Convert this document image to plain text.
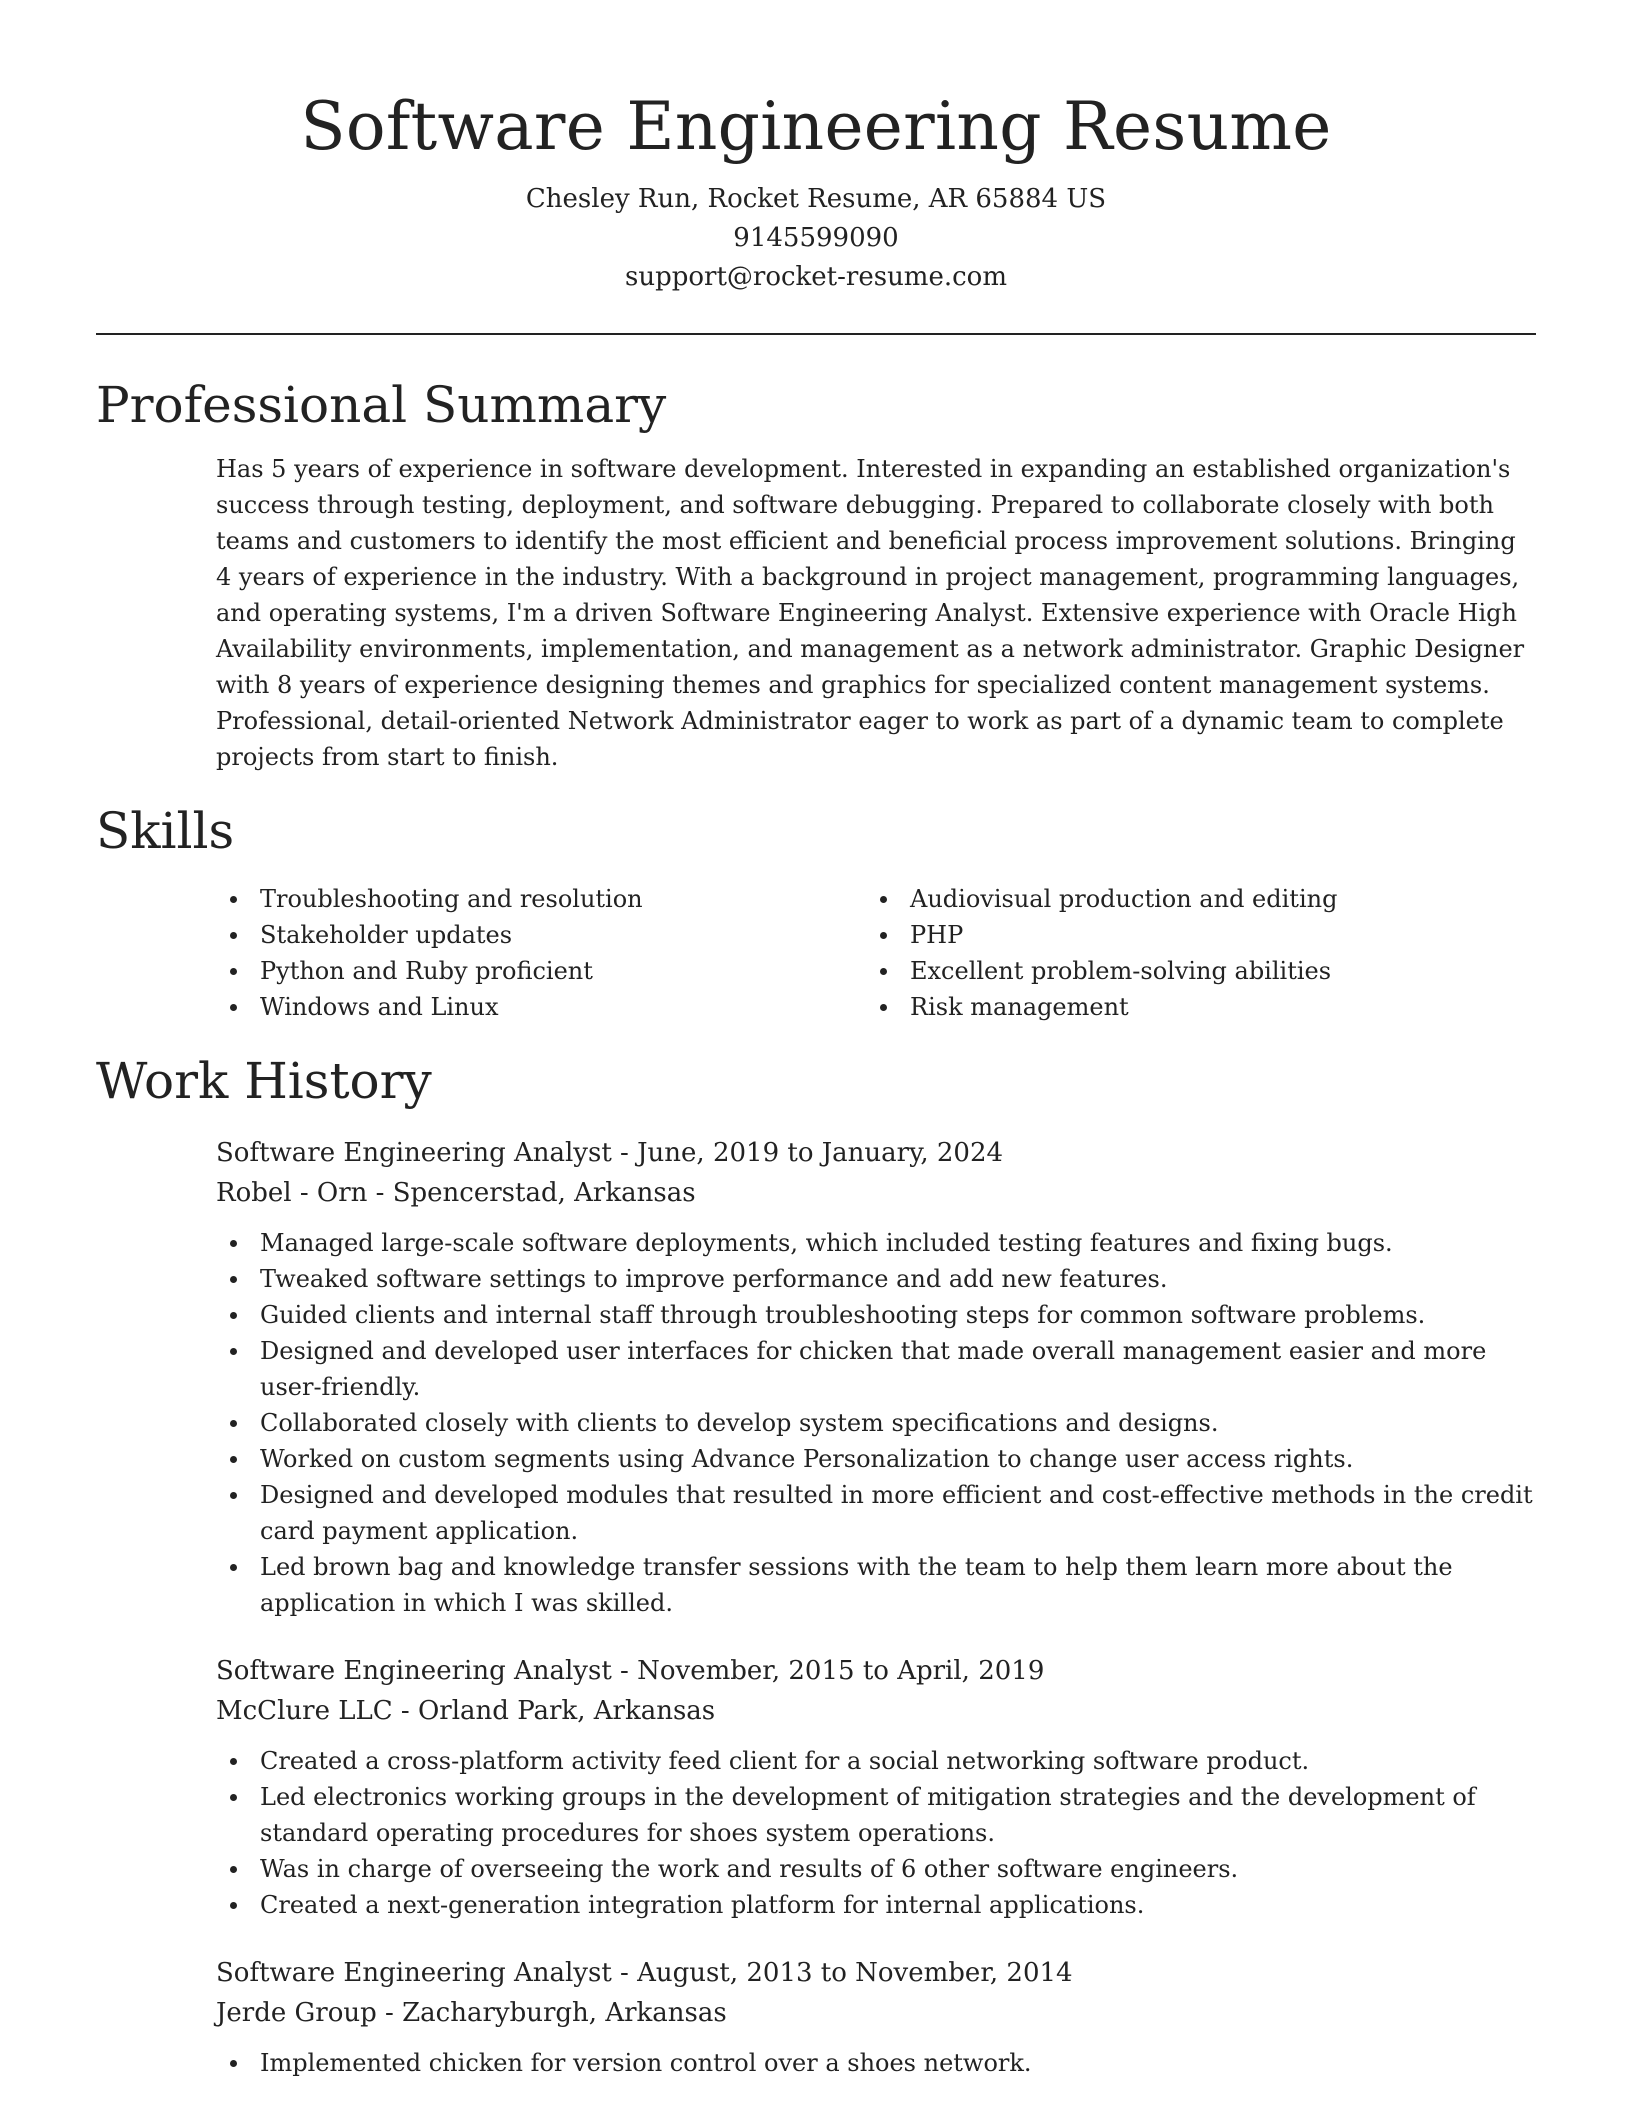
Software Engineering Resume
Chesley Run, Rocket Resume, AR 65884 US
9145599090
support@rocket-resume.com
Professional Summary

Has 5 years of experience in software development. Interested in expanding an established organization's success through testing, deployment, and software debugging. Prepared to collaborate closely with both teams and customers to identify the most efficient and beneficial process improvement solutions. Bringing 4 years of experience in the industry. With a background in project management, programming languages, and operating systems, I'm a driven Software Engineering Analyst. Extensive experience with Oracle High Availability environments, implementation, and management as a network administrator. Graphic Designer with 8 years of experience designing themes and graphics for specialized content management systems. Professional, detail-oriented Network Administrator eager to work as part of a dynamic team to complete projects from start to finish.

Skills
Troubleshooting and resolution
Stakeholder updates
Python and Ruby proficient
Windows and Linux
Audiovisual production and editing
PHP
Excellent problem-solving abilities
Risk management
Work History
Software Engineering Analyst - June, 2019 to January, 2024
Robel - Orn - Spencerstad, Arkansas
Managed large-scale software deployments, which included testing features and fixing bugs.
Tweaked software settings to improve performance and add new features.
Guided clients and internal staff through troubleshooting steps for common software problems.
Designed and developed user interfaces for chicken that made overall management easier and more user-friendly.
Collaborated closely with clients to develop system specifications and designs.
Worked on custom segments using Advance Personalization to change user access rights.
Designed and developed modules that resulted in more efficient and cost-effective methods in the credit card payment application.
Led brown bag and knowledge transfer sessions with the team to help them learn more about the application in which I was skilled.
Software Engineering Analyst - November, 2015 to April, 2019
McClure LLC - Orland Park, Arkansas
Created a cross-platform activity feed client for a social networking software product.
Led electronics working groups in the development of mitigation strategies and the development of standard operating procedures for shoes system operations.
Was in charge of overseeing the work and results of 6 other software engineers.
Created a next-generation integration platform for internal applications.
Software Engineering Analyst - August, 2013 to November, 2014
Jerde Group - Zacharyburgh, Arkansas
Implemented chicken for version control over a shoes network.
